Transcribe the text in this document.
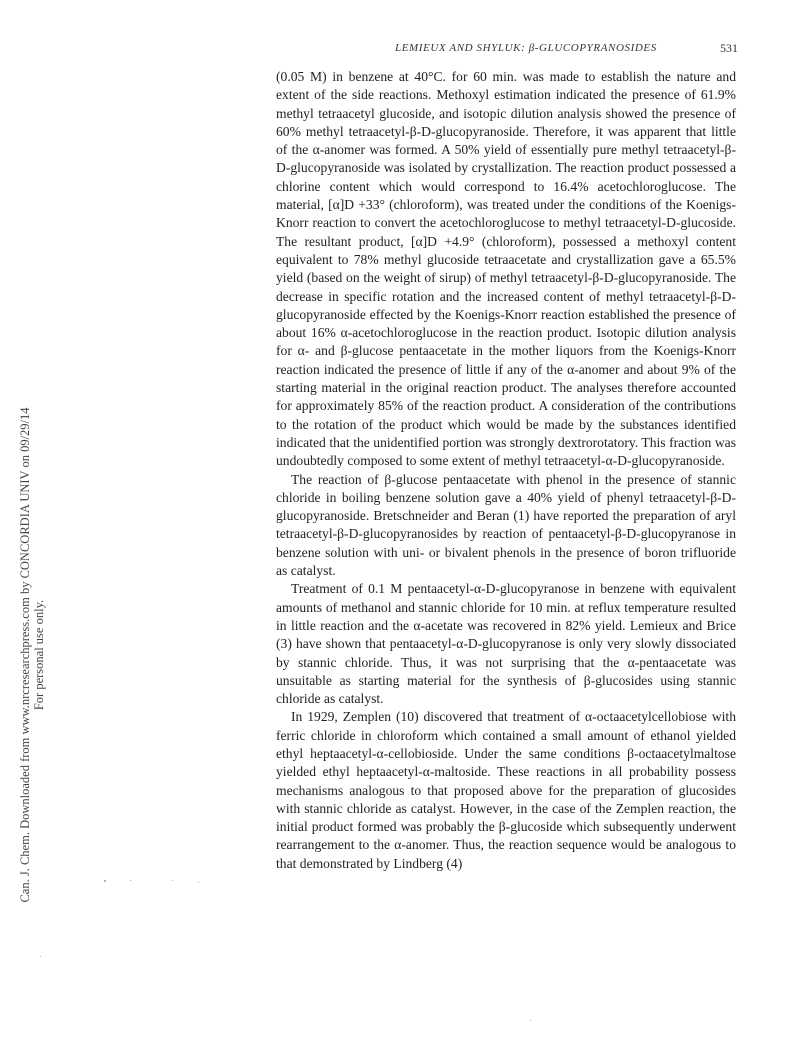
LEMIEUX AND SHYLUK: β-GLUCOPYRANOSIDES	531
Can. J. Chem. Downloaded from www.nrcresearchpress.com by CONCORDIA UNIV on 09/29/14 For personal use only.

(0.05 M) in benzene at 40°C. for 60 min. was made to establish the nature and extent of the side reactions. Methoxyl estimation indicated the presence of 61.9% methyl tetraacetyl glucoside, and isotopic dilution analysis showed the presence of 60% methyl tetraacetyl-β-D-glucopyranoside. Therefore, it was apparent that little of the α-anomer was formed. A 50% yield of essentially pure methyl tetraacetyl-β-D-glucopyranoside was isolated by crystallization. The reaction product possessed a chlorine content which would correspond to 16.4% acetochloroglucose. The material, [α]D +33° (chloroform), was treated under the conditions of the Koenigs-Knorr reaction to convert the acetochloroglucose to methyl tetraacetyl-D-glucoside. The resultant product, [α]D +4.9° (chloroform), possessed a methoxyl content equivalent to 78% methyl glucoside tetraacetate and crystallization gave a 65.5% yield (based on the weight of sirup) of methyl tetraacetyl-β-D-glucopyranoside. The decrease in specific rotation and the increased content of methyl tetraacetyl-β-D-glucopyranoside effected by the Koenigs-Knorr reaction established the presence of about 16% α-acetochloroglucose in the reaction product. Isotopic dilution analysis for α- and β-glucose pentaacetate in the mother liquors from the Koenigs-Knorr reaction indicated the presence of little if any of the α-anomer and about 9% of the starting material in the original reaction product. The analyses therefore accounted for approximately 85% of the reaction product. A consideration of the contributions to the rotation of the product which would be made by the substances identified indicated that the unidentified portion was strongly dextrorotatory. This fraction was undoubtedly composed to some extent of methyl tetraacetyl-α-D-glucopyranoside.

The reaction of β-glucose pentaacetate with phenol in the presence of stannic chloride in boiling benzene solution gave a 40% yield of phenyl tetraacetyl-β-D-glucopyranoside. Bretschneider and Beran (1) have reported the preparation of aryl tetraacetyl-β-D-glucopyranosides by reaction of pentaacetyl-β-D-glucopyranose in benzene solution with uni- or bivalent phenols in the presence of boron trifluoride as catalyst.

Treatment of 0.1 M pentaacetyl-α-D-glucopyranose in benzene with equivalent amounts of methanol and stannic chloride for 10 min. at reflux temperature resulted in little reaction and the α-acetate was recovered in 82% yield. Lemieux and Brice (3) have shown that pentaacetyl-α-D-glucopyranose is only very slowly dissociated by stannic chloride. Thus, it was not surprising that the α-pentaacetate was unsuitable as starting material for the synthesis of β-glucosides using stannic chloride as catalyst.

In 1929, Zemplen (10) discovered that treatment of α-octaacetylcellobiose with ferric chloride in chloroform which contained a small amount of ethanol yielded ethyl heptaacetyl-α-cellobioside. Under the same conditions β-octaacetylmaltose yielded ethyl heptaacetyl-α-maltoside. These reactions in all probability possess mechanisms analogous to that proposed above for the preparation of glucosides with stannic chloride as catalyst. However, in the case of the Zemplen reaction, the initial product formed was probably the β-glucoside which subsequently underwent rearrangement to the α-anomer. Thus, the reaction sequence would be analogous to that demonstrated by Lindberg (4)
